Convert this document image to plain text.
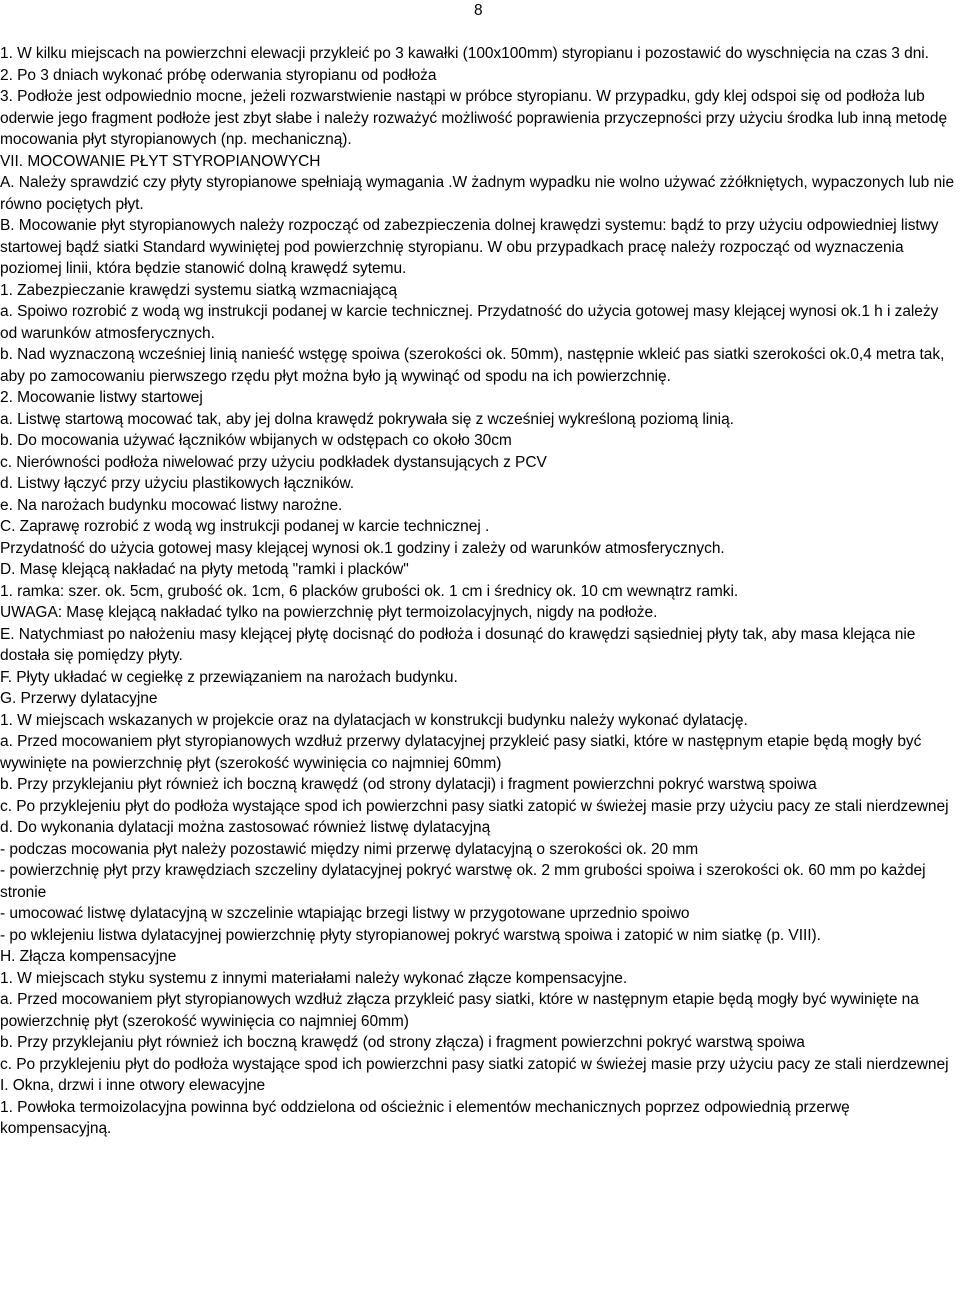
8

1. W kilku miejscach na powierzchni elewacji przykleić po 3 kawałki (100x100mm) styropianu i pozostawić do wyschnięcia na czas 3 dni.

2. Po 3 dniach wykonać próbę oderwania styropianu od podłoża

3. Podłoże jest odpowiednio mocne, jeżeli rozwarstwienie nastąpi w próbce styropianu. W przypadku, gdy klej odspoi się od podłoża lub oderwie jego fragment podłoże jest zbyt słabe i należy rozważyć możliwość poprawienia przyczepności przy użyciu środka lub inną metodę mocowania płyt styropianowych (np. mechaniczną).

VII. MOCOWANIE PŁYT STYROPIANOWYCH

A. Należy sprawdzić czy płyty styropianowe spełniają wymagania .W żadnym wypadku nie wolno używać zżółkniętych, wypaczonych lub nie równo pociętych płyt.

B. Mocowanie płyt styropianowych należy rozpocząć od zabezpieczenia dolnej krawędzi systemu: bądź to przy użyciu odpowiedniej listwy startowej bądź siatki Standard wywiniętej pod powierzchnię styropianu. W obu przypadkach pracę należy rozpocząć od wyznaczenia poziomej linii, która będzie stanowić dolną krawędź sytemu.

1. Zabezpieczanie krawędzi systemu siatką wzmacniającą

a. Spoiwo rozrobić z wodą wg instrukcji podanej w karcie technicznej. Przydatność do użycia gotowej masy klejącej wynosi ok.1 h i zależy od warunków atmosferycznych.

b. Nad wyznaczoną wcześniej linią nanieść wstęgę spoiwa (szerokości ok. 50mm), następnie wkleić pas siatki szerokości ok.0,4 metra tak, aby po zamocowaniu pierwszego rzędu płyt można było ją wywinąć od spodu na ich powierzchnię.

2. Mocowanie listwy startowej

a. Listwę startową mocować tak, aby jej dolna krawędź pokrywała się z wcześniej wykreśloną poziomą linią.

b. Do mocowania używać łączników wbijanych w odstępach co około 30cm

c. Nierówności podłoża niwelować przy użyciu podkładek dystansujących z PCV

d. Listwy łączyć przy użyciu plastikowych łączników.

e. Na narożach budynku mocować listwy narożne.

C. Zaprawę rozrobić z wodą wg instrukcji podanej w karcie technicznej .

Przydatność do użycia gotowej masy klejącej wynosi ok.1 godziny i zależy od warunków atmosferycznych.

D. Masę klejącą nakładać na płyty metodą "ramki i placków"

1. ramka: szer. ok. 5cm, grubość ok. 1cm, 6 placków grubości ok. 1 cm i średnicy ok. 10 cm wewnątrz ramki.

UWAGA: Masę klejącą nakładać tylko na powierzchnię płyt termoizolacyjnych, nigdy na podłoże.

E. Natychmiast po nałożeniu masy klejącej płytę docisnąć do podłoża i dosunąć do krawędzi sąsiedniej płyty tak, aby masa klejąca nie dostała się pomiędzy płyty.

F. Płyty układać w cegiełkę z przewiązaniem na narożach budynku.

G. Przerwy dylatacyjne

1. W miejscach wskazanych w projekcie oraz na dylatacjach w konstrukcji budynku należy wykonać dylatację.

a. Przed mocowaniem płyt styropianowych wzdłuż przerwy dylatacyjnej przykleić pasy siatki, które w następnym etapie będą mogły być wywinięte na powierzchnię płyt (szerokość wywinięcia co najmniej 60mm)

b. Przy przyklejaniu płyt również ich boczną krawędź (od strony dylatacji) i fragment powierzchni pokryć warstwą spoiwa

c. Po przyklejeniu płyt do podłoża wystające spod ich powierzchni pasy siatki zatopić w świeżej masie przy użyciu pacy ze stali nierdzewnej

d. Do wykonania dylatacji można zastosować również listwę dylatacyjną

- podczas mocowania płyt należy pozostawić między nimi przerwę dylatacyjną o szerokości ok. 20 mm

- powierzchnię płyt przy krawędziach szczeliny dylatacyjnej pokryć warstwę ok. 2 mm grubości spoiwa i szerokości ok. 60 mm po każdej stronie

- umocować listwę dylatacyjną w szczelinie wtapiając brzegi listwy w przygotowane uprzednio spoiwo

- po wklejeniu listwa dylatacyjnej powierzchnię płyty styropianowej pokryć warstwą spoiwa i zatopić w nim siatkę (p. VIII).

H. Złącza kompensacyjne

1. W miejscach styku systemu z innymi materiałami należy wykonać złącze kompensacyjne.

a. Przed mocowaniem płyt styropianowych wzdłuż złącza przykleić pasy siatki, które w następnym etapie będą mogły być wywinięte na powierzchnię płyt (szerokość wywinięcia co najmniej 60mm)

b. Przy przyklejaniu płyt również ich boczną krawędź (od strony złącza) i fragment powierzchni pokryć warstwą spoiwa

c. Po przyklejeniu płyt do podłoża wystające spod ich powierzchni pasy siatki zatopić w świeżej masie przy użyciu pacy ze stali nierdzewnej

I. Okna, drzwi i inne otwory elewacyjne

1. Powłoka termoizolacyjna powinna być oddzielona od ościeżnic i elementów mechanicznych poprzez odpowiednią przerwę kompensacyjną.
